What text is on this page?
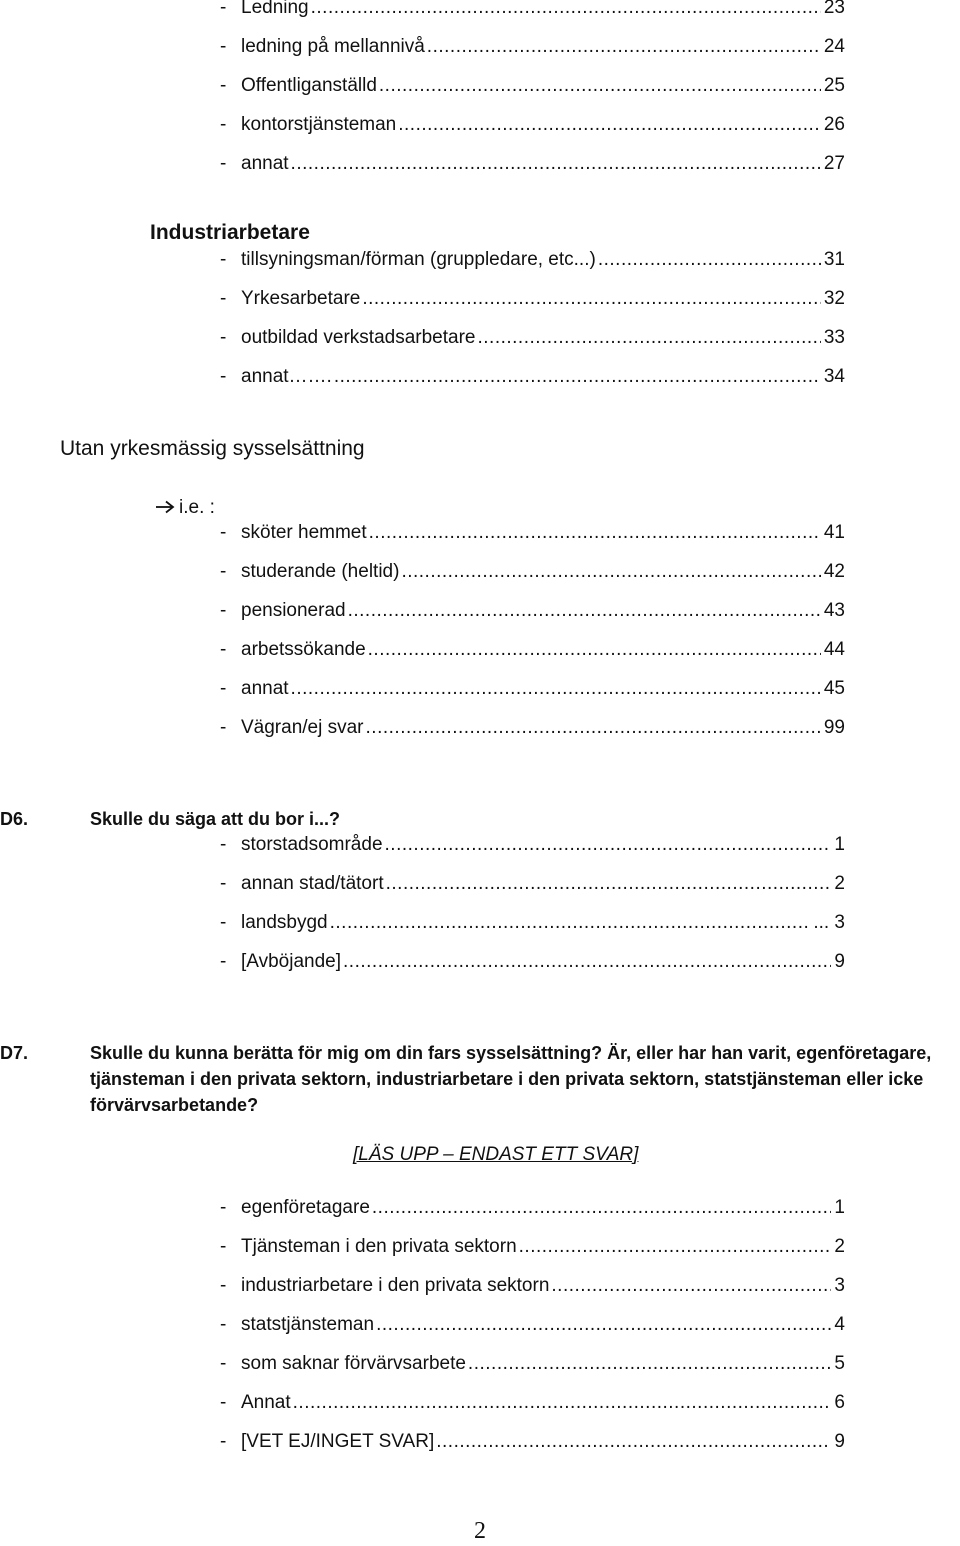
- Ledning .....	23
- ledning på mellannivå .....	24
- Offentliganställd .....	25
- kontorstjänsteman .....	26
- annat .....	27
Industriarbetare
- tillsyningsman/förman (gruppledare, etc...) .....	31
- Yrkesarbetare .....	32
- outbildad verkstadsarbetare .....	33
- annat……. .....	34
Utan yrkesmässig sysselsättning
i.e. :
- sköter hemmet .....	41
- studerande (heltid) .....	42
- pensionerad .....	43
- arbetssökande .....	44
- annat .....	45
- Vägran/ej svar .....	99
D6.	Skulle du säga att du bor i...?
- storstadsområde .....	1
- annan stad/tätort .....	2
- landsbygd .....	... 3
- [Avböjande] .....	9
D7.	Skulle du kunna berätta för mig om din fars sysselsättning? Är, eller har han varit, egenföretagare, tjänsteman i den privata sektorn, industriarbetare i den privata sektorn, statstjänsteman eller icke förvärvsarbetande?
[LÄS UPP – ENDAST ETT SVAR]
- egenföretagare .....	1
- Tjänsteman i den privata sektorn .....	2
- industriarbetare i den privata sektorn .....	3
- statstjänsteman .....	4
- som saknar förvärvsarbete .....	5
- Annat .....	6
- [VET EJ/INGET SVAR] .....	9
2
